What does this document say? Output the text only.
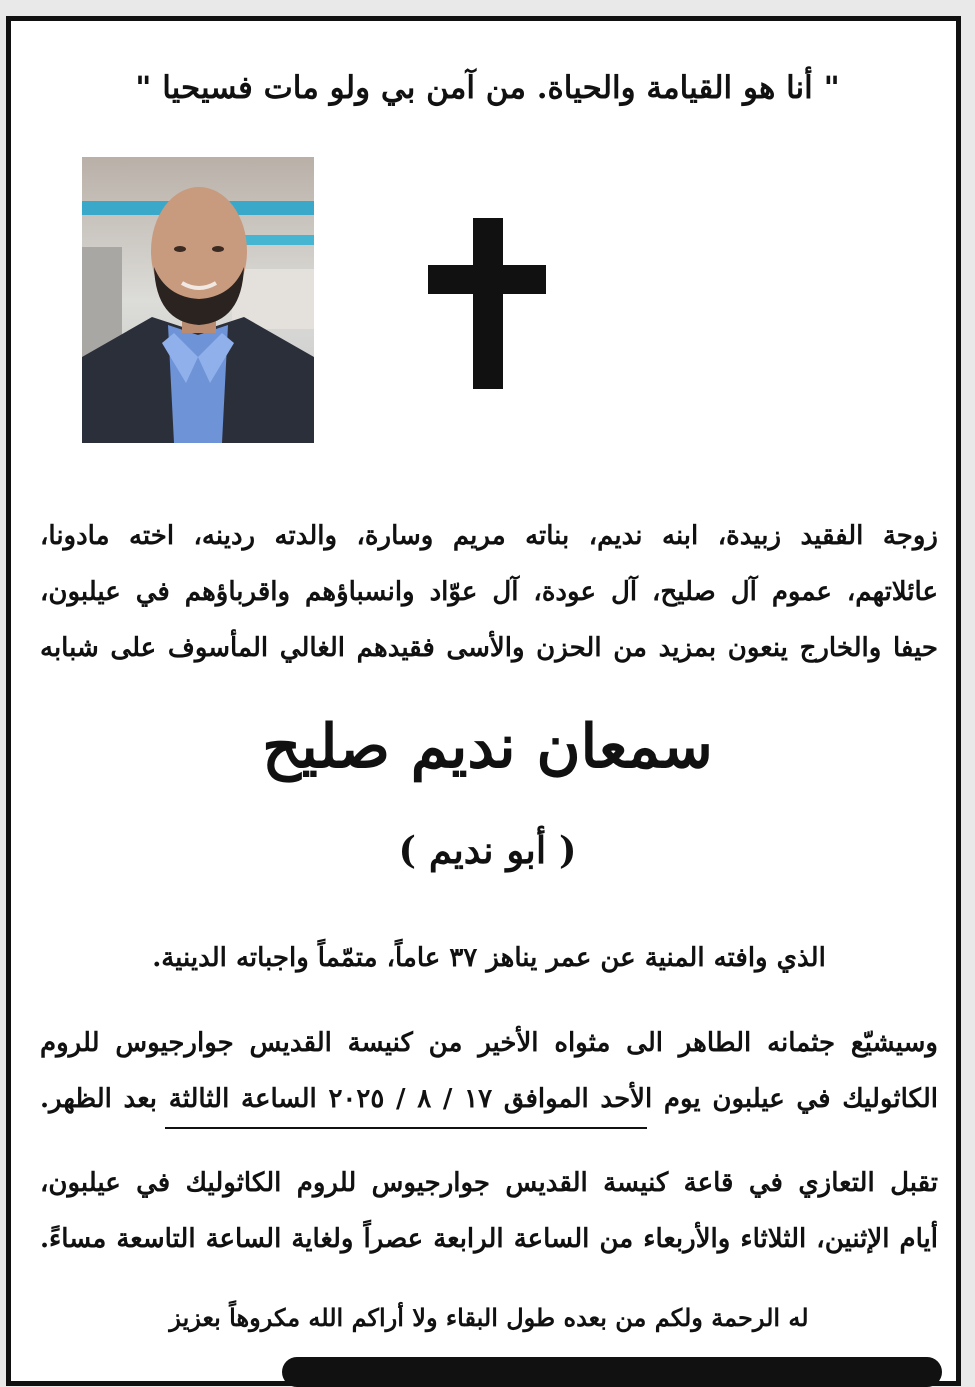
" أنا هو القيامة والحياة. من آمن بي ولو مات فسيحيا "
زوجة الفقيد زبيدة، ابنه نديم، بناته مريم وسارة، والدته ردينه، اخته مادونا،
عائلاتهم، عموم آل صليح، آل عودة، آل عوّاد وانسباؤهم واقرباؤهم في عيلبون،
حيفا والخارج ينعون بمزيد من الحزن والأسى فقيدهم الغالي المأسوف على شبابه
سمعان نديم صليح
( أبو نديم )
الذي وافته المنية عن عمر يناهز ٣٧ عاماً، متمّماً واجباته الدينية.
وسيشيّع جثمانه الطاهر الى مثواه الأخير من كنيسة القديس جوارجيوس للروم
الكاثوليك في عيلبون يوم الأحد الموافق ١٧ / ٨ / ٢٠٢٥ الساعة الثالثة بعد الظهر.
تقبل التعازي في قاعة كنيسة القديس جوارجيوس للروم الكاثوليك في عيلبون،
أيام الإثنين، الثلاثاء والأربعاء من الساعة الرابعة عصراً ولغاية الساعة التاسعة مساءً.
له الرحمة ولكم من بعده طول البقاء ولا أراكم الله مكروهاً بعزيز
